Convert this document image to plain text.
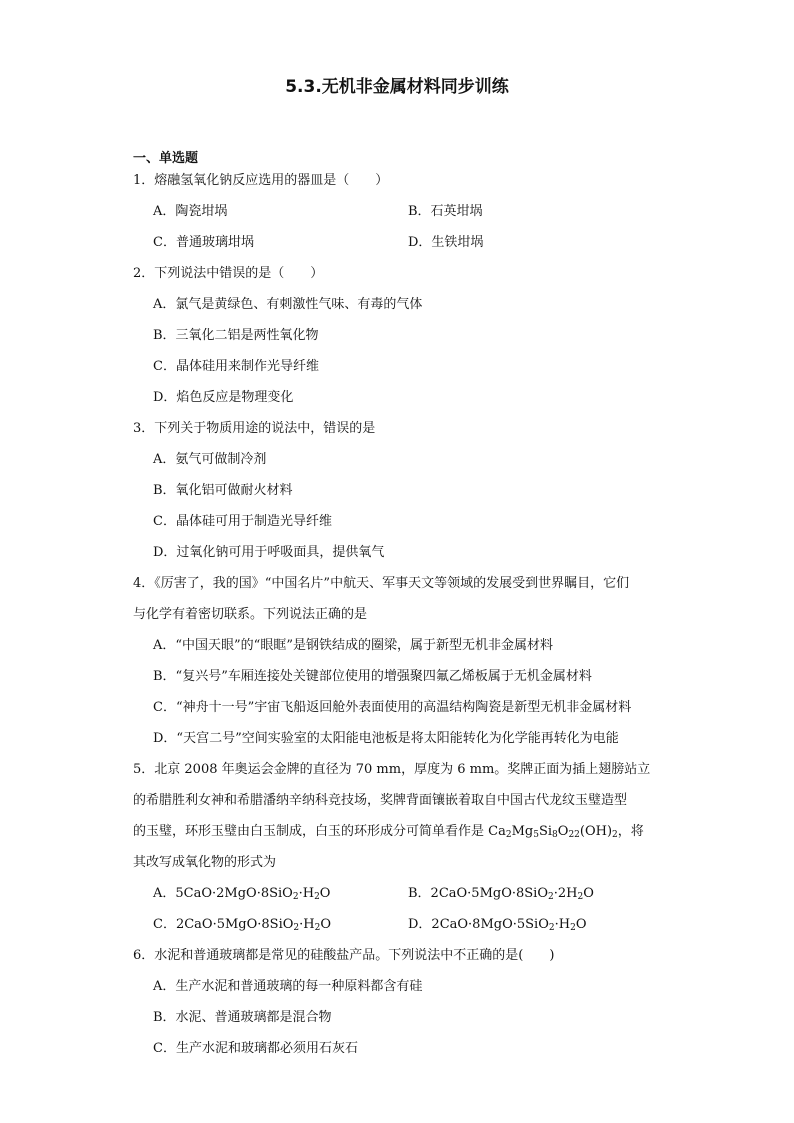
5.3.无机非金属材料同步训练
一、单选题
1．熔融氢氧化钠反应选用的器皿是（　　）
A．陶瓷坩埚	B．石英坩埚
C．普通玻璃坩埚	D．生铁坩埚
2．下列说法中错误的是（　　）
A．氯气是黄绿色、有刺激性气味、有毒的气体
B．三氧化二铝是两性氧化物
C．晶体硅用来制作光导纤维
D．焰色反应是物理变化
3．下列关于物质用途的说法中，错误的是
A．氨气可做制冷剂
B．氧化铝可做耐火材料
C．晶体硅可用于制造光导纤维
D．过氧化钠可用于呼吸面具，提供氧气
4．《厉害了，我的国》“中国名片”中航天、军事天文等领域的发展受到世界瞩目，它们
与化学有着密切联系。下列说法正确的是
A．“中国天眼”的“眼眶”是钢铁结成的圈梁，属于新型无机非金属材料
B．“复兴号”车厢连接处关键部位使用的增强聚四氟乙烯板属于无机金属材料
C．“神舟十一号”宇宙飞船返回舱外表面使用的高温结构陶瓷是新型无机非金属材料
D．“天宫二号”空间实验室的太阳能电池板是将太阳能转化为化学能再转化为电能
5．北京 2008 年奥运会金牌的直径为 70 mm，厚度为 6 mm。奖牌正面为插上翅膀站立
的希腊胜利女神和希腊潘纳辛纳科竞技场，奖牌背面镶嵌着取自中国古代龙纹玉璧造型
的玉璧，环形玉璧由白玉制成，白玉的环形成分可简单看作是 $Ca_2Mg_5Si_8O_{22}(OH)_2$，将
其改写成氧化物的形式为
A．$5CaO\cdot 2MgO\cdot 8SiO_2\cdot H_2O$	B．$2CaO\cdot 5MgO\cdot 8SiO_2\cdot 2H_2O$
C．$2CaO\cdot 5MgO\cdot 8SiO_2\cdot H_2O$	D．$2CaO\cdot 8MgO\cdot 5SiO_2\cdot H_2O$
6．水泥和普通玻璃都是常见的硅酸盐产品。下列说法中不正确的是(　　)
A．生产水泥和普通玻璃的每一种原料都含有硅
B．水泥、普通玻璃都是混合物
C．生产水泥和玻璃都必须用石灰石
